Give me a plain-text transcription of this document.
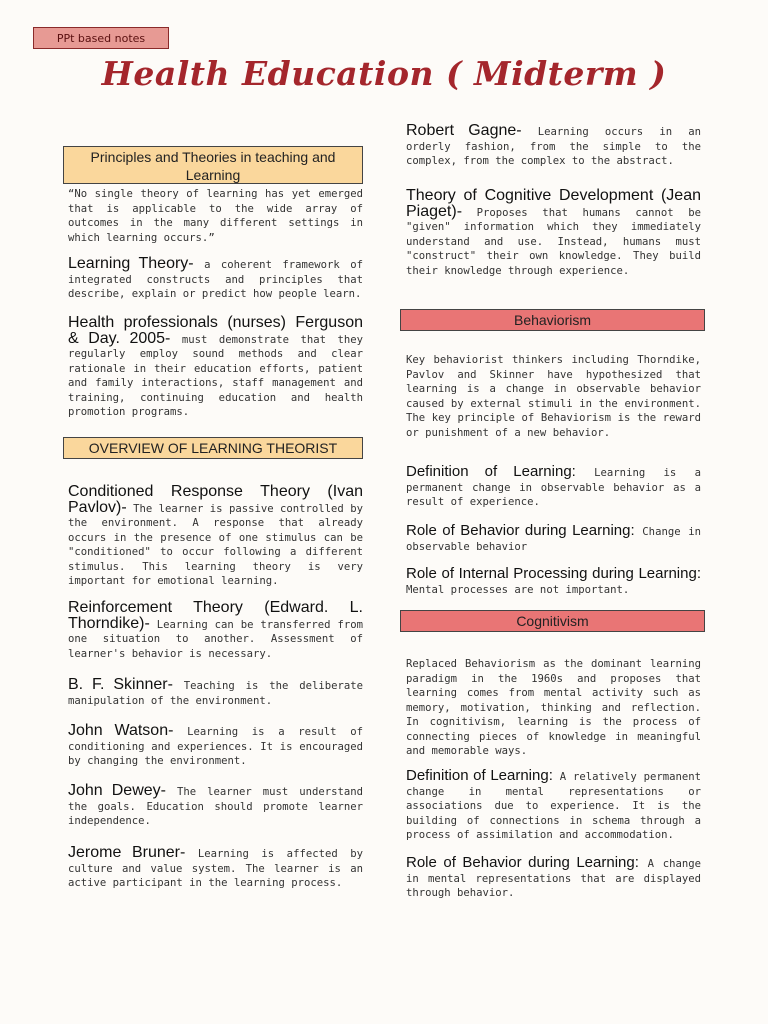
PPt based notes
Health Education ( Midterm )
Principles and Theories in teaching and Learning

“No single theory of learning has yet emerged that is applicable to the wide array of outcomes in the many different settings in which learning occurs.”

Learning Theory- a coherent framework of integrated constructs and principles that describe, explain or predict how people learn.

Health professionals (nurses) Ferguson & Day. 2005- must demonstrate that they regularly employ sound methods and clear rationale in their education efforts, patient and family interactions, staff management and training, continuing education and health promotion programs.

OVERVIEW OF LEARNING THEORIST

Conditioned Response Theory (Ivan Pavlov)- The learner is passive controlled by the environment. A response that already occurs in the presence of one stimulus can be "conditioned" to occur following a different stimulus. This learning theory is very important for emotional learning.

Reinforcement Theory (Edward. L. Thorndike)- Learning can be transferred from one situation to another. Assessment of learner's behavior is necessary.

B. F. Skinner- Teaching is the deliberate manipulation of the environment.

John Watson- Learning is a result of conditioning and experiences. It is encouraged by changing the environment.

John Dewey- The learner must understand the goals. Education should promote learner independence.

Jerome Bruner- Learning is affected by culture and value system. The learner is an active participant in the learning process.

Robert Gagne- Learning occurs in an orderly fashion, from the simple to the complex, from the complex to the abstract.

Theory of Cognitive Development (Jean Piaget)- Proposes that humans cannot be "given" information which they immediately understand and use. Instead, humans must "construct" their own knowledge. They build their knowledge through experience.

Behaviorism

Key behaviorist thinkers including Thorndike, Pavlov and Skinner have hypothesized that learning is a change in observable behavior caused by external stimuli in the environment. The key principle of Behaviorism is the reward or punishment of a new behavior.

Definition of Learning: Learning is a permanent change in observable behavior as a result of experience.

Role of Behavior during Learning: Change in observable behavior

Role of Internal Processing during Learning: Mental processes are not important.

Cognitivism

Replaced Behaviorism as the dominant learning paradigm in the 1960s and proposes that learning comes from mental activity such as memory, motivation, thinking and reflection. In cognitivism, learning is the process of connecting pieces of knowledge in meaningful and memorable ways.

Definition of Learning: A relatively permanent change in mental representations or associations due to experience. It is the building of connections in schema through a process of assimilation and accommodation.

Role of Behavior during Learning: A change in mental representations that are displayed through behavior.
